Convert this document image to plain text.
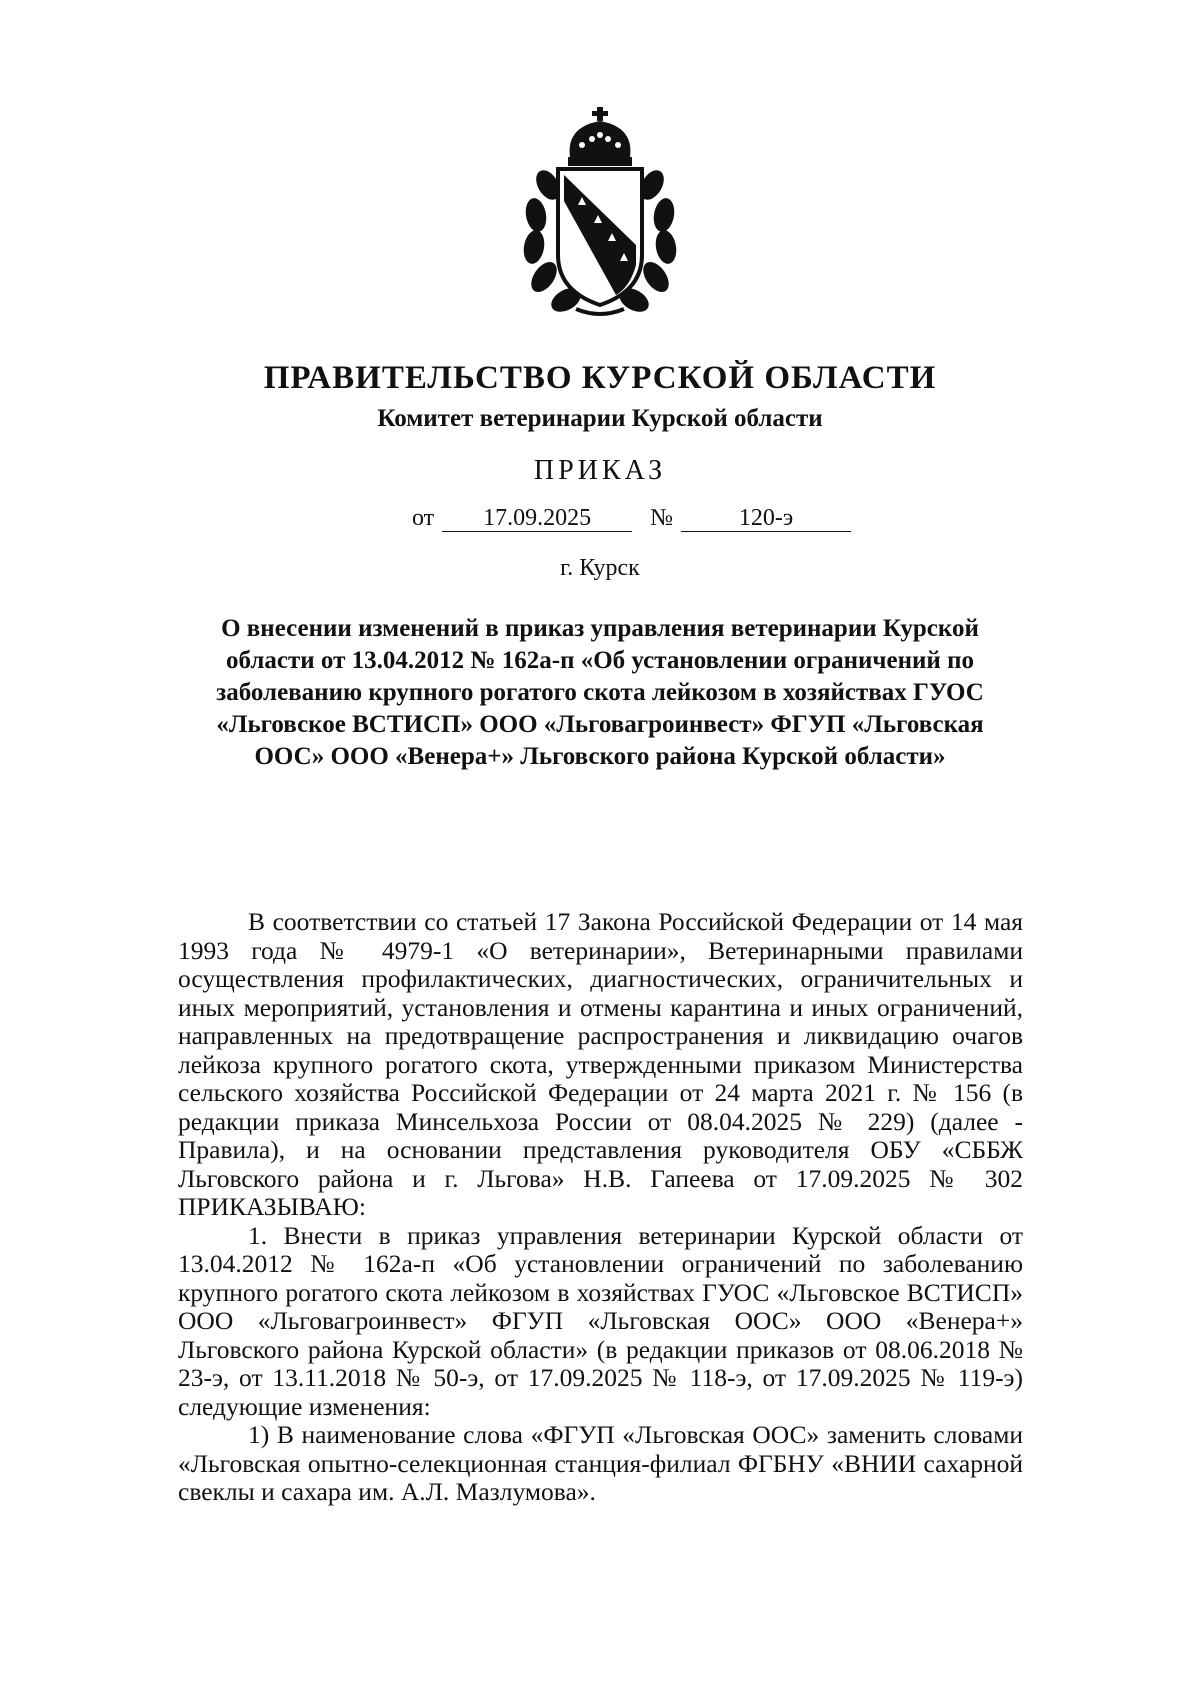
ПРАВИТЕЛЬСТВО КУРСКОЙ ОБЛАСТИ
Комитет ветеринарии Курской области
ПРИКАЗ
от 17.09.2025 №	120-э
г. Курск
О внесении изменений в приказ управления ветеринарии Курской области от 13.04.2012 № 162а-п «Об установлении ограничений по заболеванию крупного рогатого скота лейкозом в хозяйствах ГУОС «Льговское ВСТИСП» ООО «Льговагроинвест» ФГУП «Льговская ООС» ООО «Венера+» Льговского района Курской области»

В соответствии со статьей 17 Закона Российской Федерации от 14 мая 1993 года № 4979-1 «О ветеринарии», Ветеринарными правилами осуществления профилактических, диагностических, ограничительных и иных мероприятий, установления и отмены карантина и иных ограничений, направленных на предотвращение распространения и ликвидацию очагов лейкоза крупного рогатого скота, утвержденными приказом Министерства сельского хозяйства Российской Федерации от 24 марта 2021 г. № 156 (в редакции приказа Минсельхоза России от 08.04.2025 № 229) (далее - Правила), и на основании представления руководителя ОБУ «СББЖ Льговского района и г. Льгова» Н.В. Гапеева от 17.09.2025 № 302 ПРИКАЗЫВАЮ:

1. Внести в приказ управления ветеринарии Курской области от 13.04.2012 № 162а-п «Об установлении ограничений по заболеванию крупного рогатого скота лейкозом в хозяйствах ГУОС «Льговское ВСТИСП» ООО «Льговагроинвест» ФГУП «Льговская ООС» ООО «Венера+» Льговского района Курской области» (в редакции приказов от 08.06.2018 № 23-э, от 13.11.2018 № 50-э, от 17.09.2025 № 118-э, от 17.09.2025 № 119-э) следующие изменения:

1) В наименование слова «ФГУП «Льговская ООС» заменить словами «Льговская опытно-селекционная станция-филиал ФГБНУ «ВНИИ сахарной свеклы и сахара им. А.Л. Мазлумова».
